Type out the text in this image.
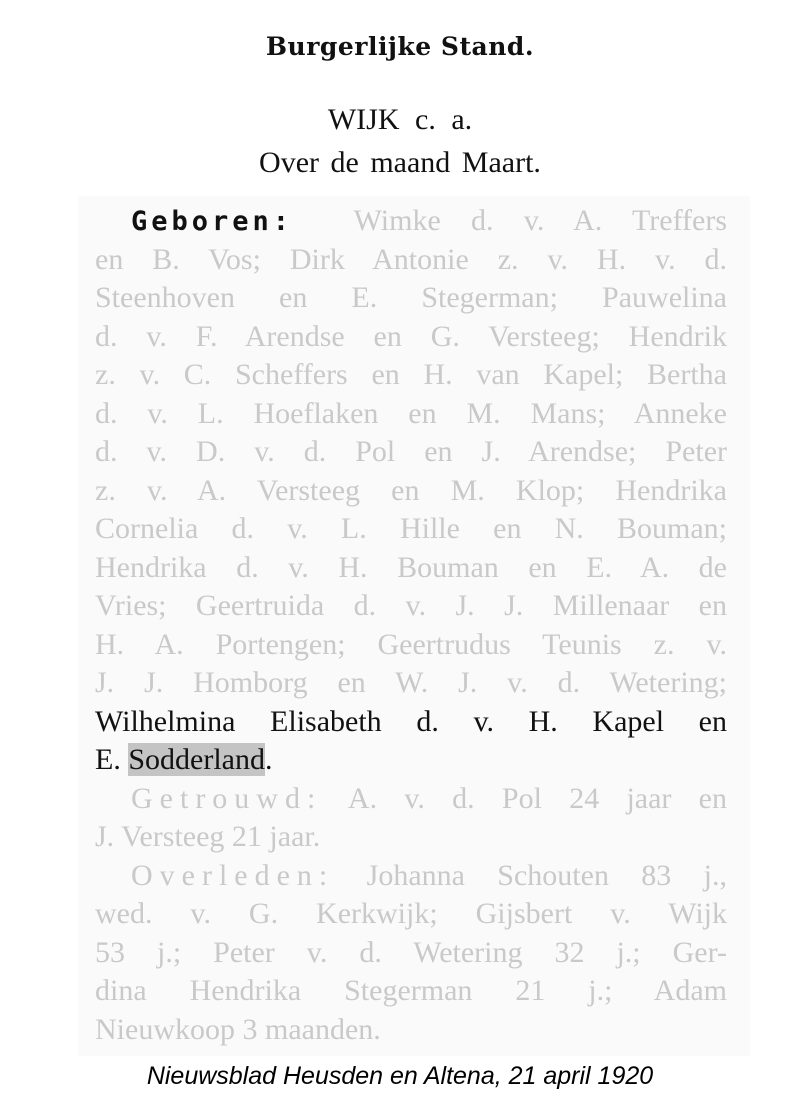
Burgerlijke Stand.
WIJK c. a.
Over de maand Maart.
Geboren: Wimke d. v. A. Treffers
en B. Vos; Dirk Antonie z. v. H. v. d.
Steenhoven en E. Stegerman; Pauwelina
d. v. F. Arendse en G. Versteeg; Hendrik
z. v. C. Scheffers en H. van Kapel; Bertha
d. v. L. Hoeflaken en M. Mans; Anneke
d. v. D. v. d. Pol en J. Arendse; Peter
z. v. A. Versteeg en M. Klop; Hendrika
Cornelia d. v. L. Hille en N. Bouman;
Hendrika d. v. H. Bouman en E. A. de
Vries; Geertruida d. v. J. J. Millenaar en
H. A. Portengen; Geertrudus Teunis z. v.
J. J. Homborg en W. J. v. d. Wetering;
Wilhelmina Elisabeth d. v. H. Kapel en
E. Sodderland.
Getrouwd: A. v. d. Pol 24 jaar en
J. Versteeg 21 jaar.
Overleden: Johanna Schouten 83 j.,
wed. v. G. Kerkwijk; Gijsbert v. Wijk
53 j.; Peter v. d. Wetering 32 j.; Ger-
dina Hendrika Stegerman 21 j.; Adam
Nieuwkoop 3 maanden.
Nieuwsblad Heusden en Altena, 21 april 1920
